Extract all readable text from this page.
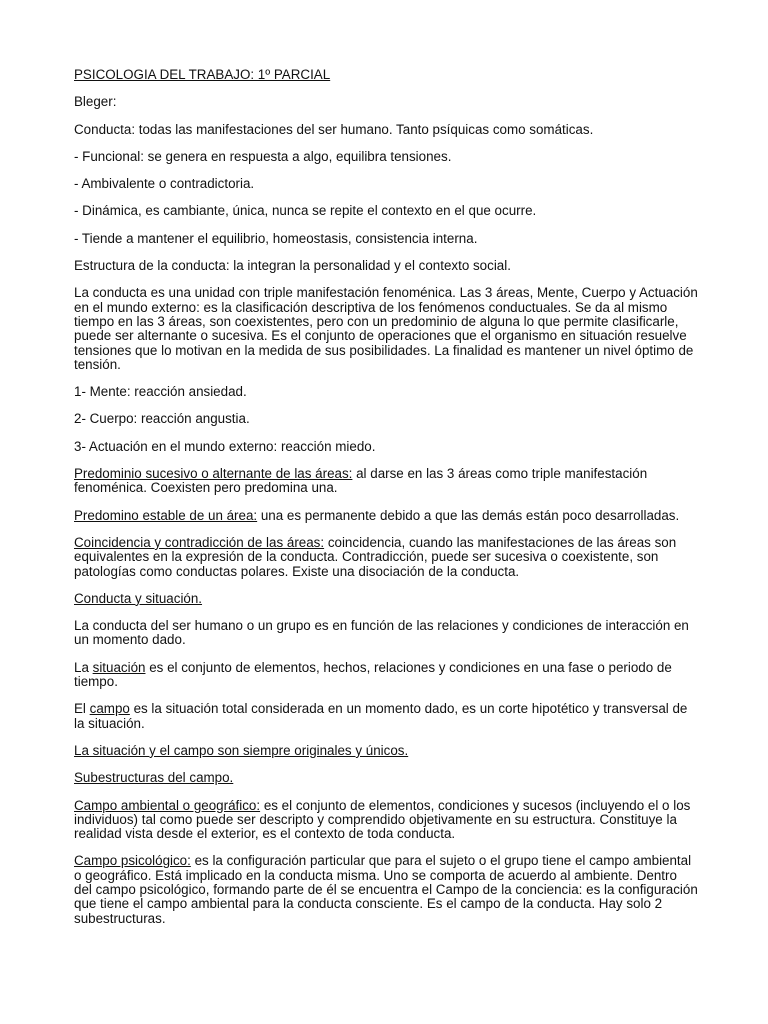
PSICOLOGIA DEL TRABAJO: 1º PARCIAL

Bleger:

Conducta: todas las manifestaciones del ser humano. Tanto psíquicas como somáticas.

- Funcional: se genera en respuesta a algo, equilibra tensiones.

- Ambivalente o contradictoria.

- Dinámica, es cambiante, única, nunca se repite el contexto en el que ocurre.

- Tiende a mantener el equilibrio, homeostasis, consistencia interna.

Estructura de la conducta: la integran la personalidad y el contexto social.

La conducta es una unidad con triple manifestación fenoménica. Las 3 áreas, Mente, Cuerpo y Actuación en el mundo externo: es la clasificación descriptiva de los fenómenos conductuales. Se da al mismo tiempo en las 3 áreas, son coexistentes, pero con un predominio de alguna lo que permite clasificarle, puede ser alternante o sucesiva. Es el conjunto de operaciones que el organismo en situación resuelve tensiones que lo motivan en la medida de sus posibilidades. La finalidad es mantener un nivel óptimo de tensión.

1- Mente: reacción ansiedad.

2- Cuerpo: reacción angustia.

3- Actuación en el mundo externo: reacción miedo.

Predominio sucesivo o alternante de las áreas: al darse en las 3 áreas como triple manifestación fenoménica. Coexisten pero predomina una.

Predomino estable de un área: una es permanente debido a que las demás están poco desarrolladas.

Coincidencia y contradicción de las áreas: coincidencia, cuando las manifestaciones de las áreas son equivalentes en la expresión de la conducta. Contradicción, puede ser sucesiva o coexistente, son patologías como conductas polares. Existe una disociación de la conducta.

Conducta y situación.

La conducta del ser humano o un grupo es en función de las relaciones y condiciones de interacción en un momento dado.

La situación es el conjunto de elementos, hechos, relaciones y condiciones en una fase o periodo de tiempo.

El campo es la situación total considerada en un momento dado, es un corte hipotético y transversal de la situación.

La situación y el campo son siempre originales y únicos.

Subestructuras del campo.

Campo ambiental o geográfico: es el conjunto de elementos, condiciones y sucesos (incluyendo el o los individuos) tal como puede ser descripto y comprendido objetivamente en su estructura. Constituye la realidad vista desde el exterior, es el contexto de toda conducta.

Campo psicológico: es la configuración particular que para el sujeto o el grupo tiene el campo ambiental o geográfico. Está implicado en la conducta misma. Uno se comporta de acuerdo al ambiente. Dentro del campo psicológico, formando parte de él se encuentra el Campo de la conciencia: es la configuración que tiene el campo ambiental para la conducta consciente. Es el campo de la conducta. Hay solo 2 subestructuras.
